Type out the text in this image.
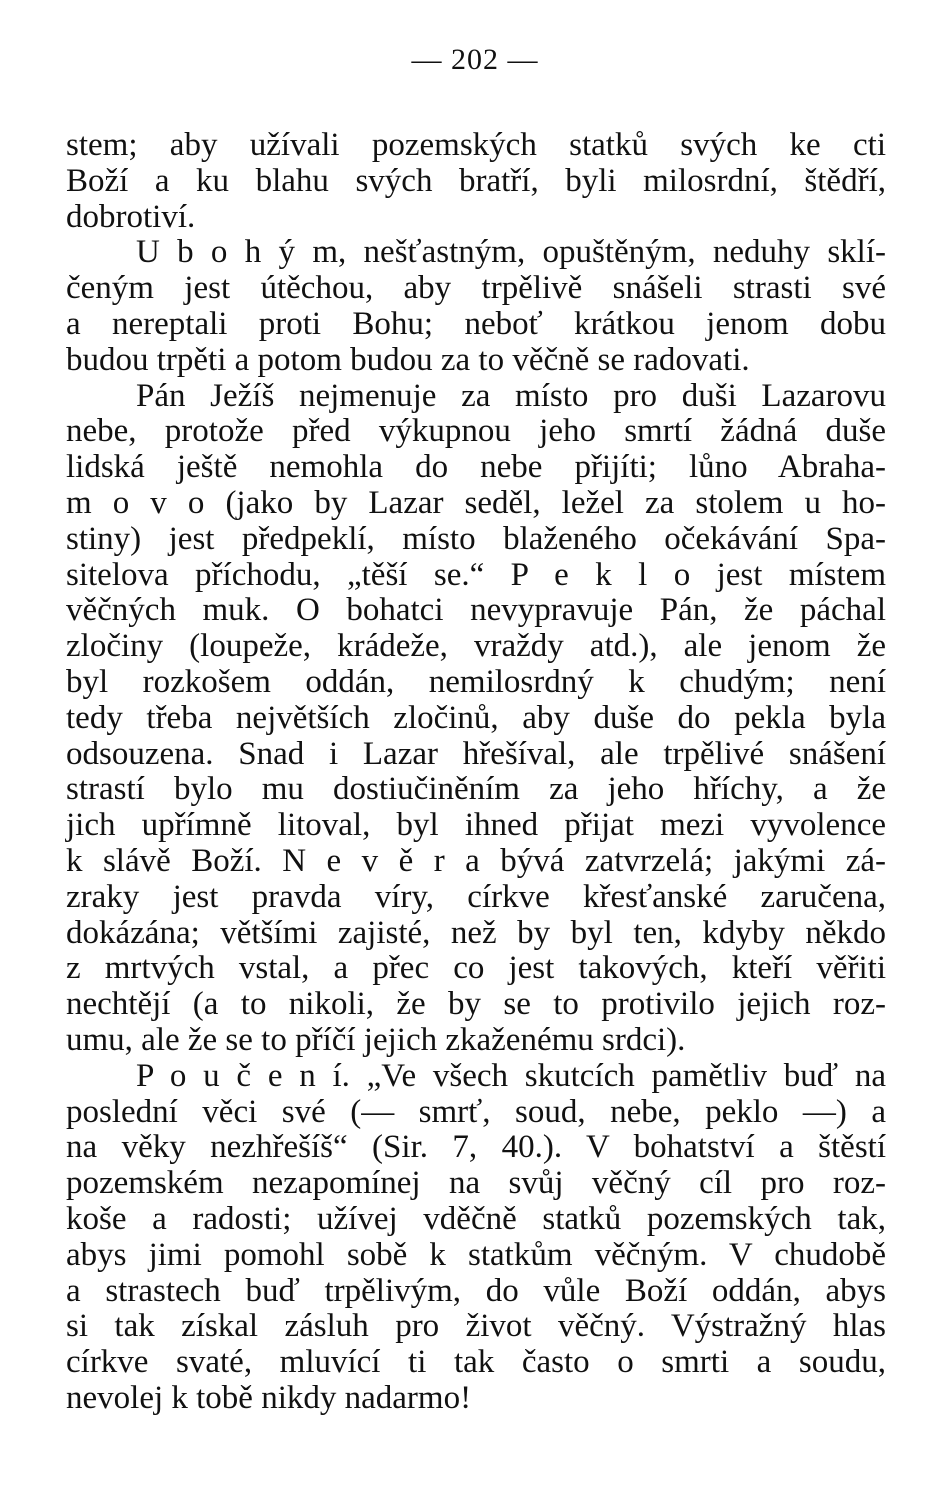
— 202 —
stem; aby užívali pozemských statků svých ke cti
Boží a ku blahu svých bratří, byli milosrdní, štědří,
dobrotiví.
U b o h ý m, nešťastným, opuštěným, neduhy sklí-
čeným jest útěchou, aby trpělivě snášeli strasti své
a nereptali proti Bohu; neboť krátkou jenom dobu
budou trpěti a potom budou za to věčně se radovati.
Pán Ježíš nejmenuje za místo pro duši Lazarovu
nebe, protože před výkupnou jeho smrtí žádná duše
lidská ještě nemohla do nebe přijíti; lůno Abraha-
m o v o (jako by Lazar seděl, ležel za stolem u ho-
stiny) jest předpeklí, místo blaženého očekávání Spa-
sitelova příchodu, „těší se.“ P e k l o jest místem
věčných muk. O bohatci nevypravuje Pán, že páchal
zločiny (loupeže, krádeže, vraždy atd.), ale jenom že
byl rozkošem oddán, nemilosrdný k chudým; není
tedy třeba největších zločinů, aby duše do pekla byla
odsouzena. Snad i Lazar hřešíval, ale trpělivé snášení
strastí bylo mu dostiučiněním za jeho hříchy, a že
jich upřímně litoval, byl ihned přijat mezi vyvolence
k slávě Boží. N e v ě r a bývá zatvrzelá; jakými zá-
zraky jest pravda víry, církve křesťanské zaručena,
dokázána; většími zajisté, než by byl ten, kdyby někdo
z mrtvých vstal, a přec co jest takových, kteří věřiti
nechtějí (a to nikoli, že by se to protivilo jejich roz-
umu, ale že se to příčí jejich zkaženému srdci).
P o u č e n í. „Ve všech skutcích pamětliv buď na
poslední věci své (— smrť, soud, nebe, peklo —) a
na věky nezhřešíš“ (Sir. 7, 40.). V bohatství a štěstí
pozemském nezapomínej na svůj věčný cíl pro roz-
koše a radosti; užívej vděčně statků pozemských tak,
abys jimi pomohl sobě k statkům věčným. V chudobě
a strastech buď trpělivým, do vůle Boží oddán, abys
si tak získal zásluh pro život věčný. Výstražný hlas
církve svaté, mluvící ti tak často o smrti a soudu,
nevolej k tobě nikdy nadarmo!
